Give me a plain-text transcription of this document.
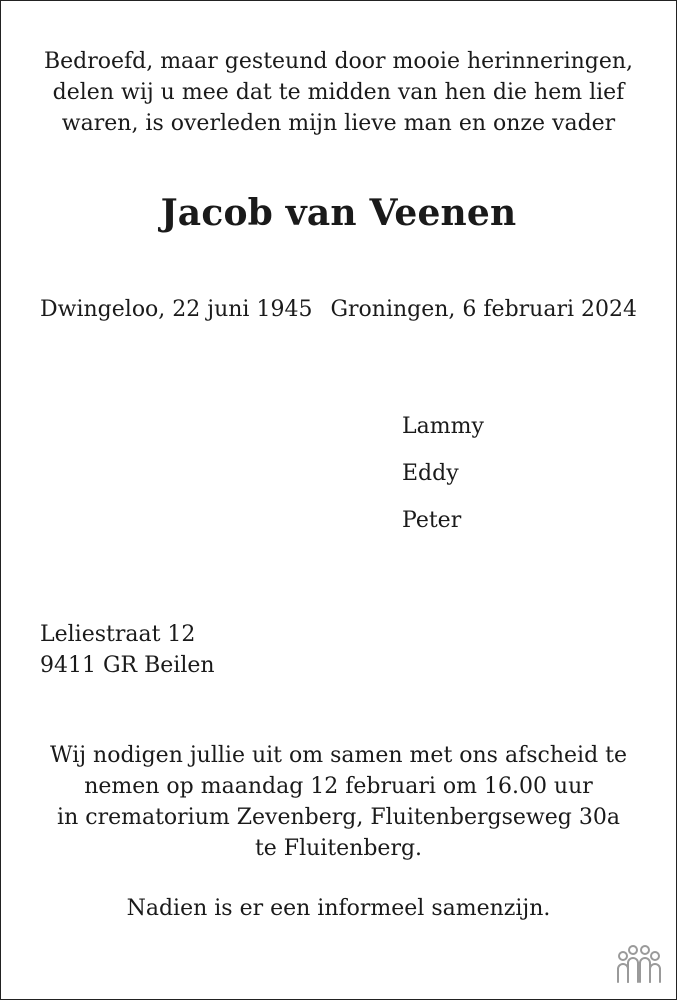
Bedroefd, maar gesteund door mooie herinneringen,
delen wij u mee dat te midden van hen die hem lief
waren, is overleden mijn lieve man en onze vader
Jacob van Veenen
Dwingeloo, 22 juni 1945 Groningen, 6 februari 2024
Lammy
Eddy
Peter
Leliestraat 12
9411 GR Beilen
Wij nodigen jullie uit om samen met ons afscheid te
nemen op maandag 12 februari om 16.00 uur
in crematorium Zevenberg, Fluitenbergseweg 30a
te Fluitenberg.
Nadien is er een informeel samenzijn.
